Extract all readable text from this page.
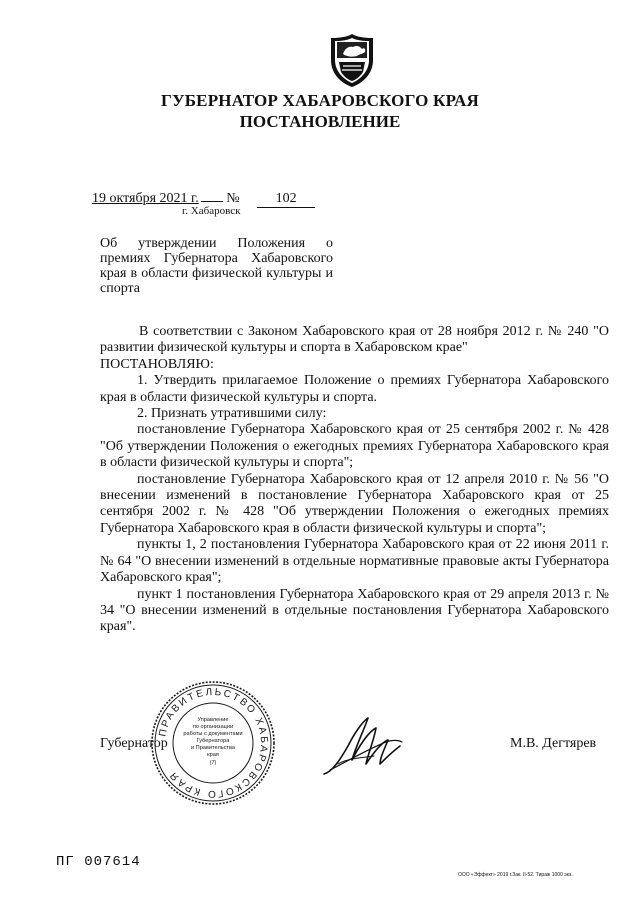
ГУБЕРНАТОР ХАБАРОВСКОГО КРАЯ
ПОСТАНОВЛЕНИЕ
19 октября 2021 г. №	102
г. Хабаровск
Об утверждении Положения о премиях Губернатора Хабаровского края в области физической культуры и спорта

В соответствии с Законом Хабаровского края от 28 ноября 2012 г. № 240 "О развитии физической культуры и спорта в Хабаровском крае"

ПОСТАНОВЛЯЮ:

1. Утвердить прилагаемое Положение о премиях Губернатора Хабаровского края в области физической культуры и спорта.

2. Признать утратившими силу:

постановление Губернатора Хабаровского края от 25 сентября 2002 г. № 428 "Об утверждении Положения о ежегодных премиях Губернатора Хабаровского края в области физической культуры и спорта";

постановление Губернатора Хабаровского края от 12 апреля 2010 г. № 56 "О внесении изменений в постановление Губернатора Хабаровского края от 25 сентября 2002 г. № 428 "Об утверждении Положения о ежегодных премиях Губернатора Хабаровского края в области физической культуры и спорта";

пункты 1, 2 постановления Губернатора Хабаровского края от 22 июня 2011 г. № 64 "О внесении изменений в отдельные нормативные правовые акты Губернатора Хабаровского края";

пункт 1 постановления Губернатора Хабаровского края от 29 апреля 2013 г. № 34 "О внесении изменений в отдельные постановления Губернатора Хабаровского края".

Губернатор
ПРАВИТЕЛЬСТВО ХАБАРОВСКОГО КРАЯ
Управление
по организации
работы с документами
Губернатора
и Правительства
края
(7)
М.В. Дегтярев
ПГ 007614
ООО «Эффект» 2019 г.Зак. II-52. Тираж 1000 экз.
